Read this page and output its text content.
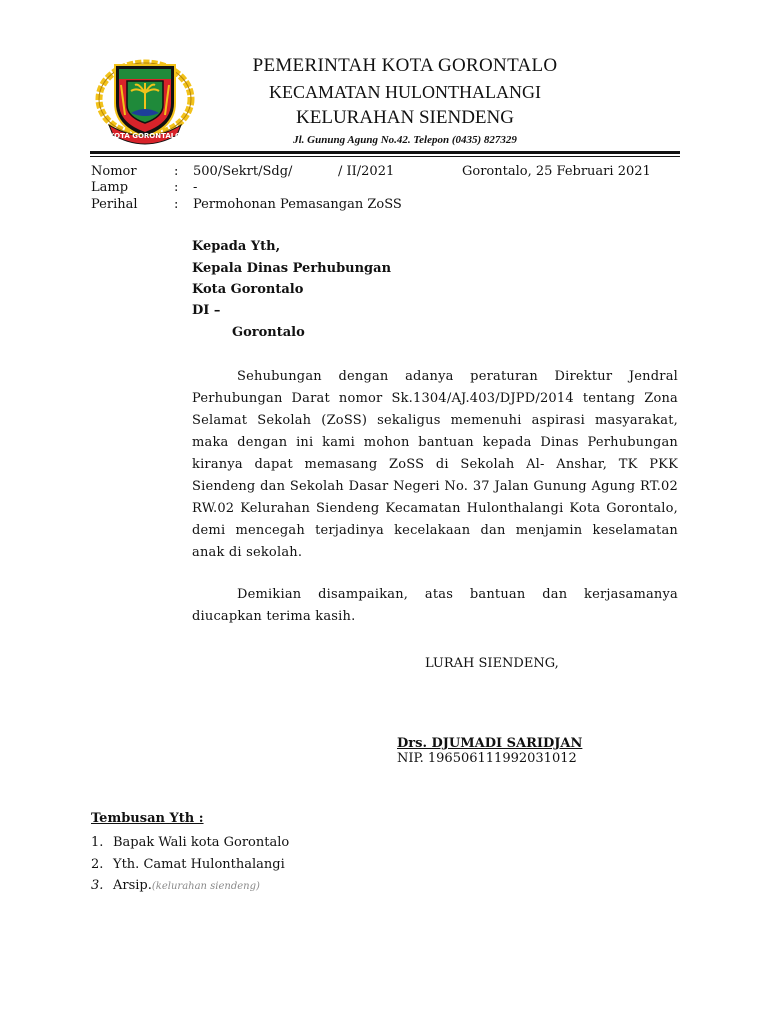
KOTA GORONTALO
PEMERINTAH KOTA GORONTALO
KECAMATAN HULONTHALANGI
KELURAHAN SIENDENG
Jl. Gunung Agung No.42. Telepon (0435) 827329
Nomor	: 500/Sekrt/Sdg/	/ II/2021	Gorontalo, 25 Februari 2021
Lamp	: -
Perihal	: Permohonan Pemasangan ZoSS
Kepada Yth,
Kepala Dinas Perhubungan
Kota Gorontalo
DI –
Gorontalo
Sehubungan dengan adanya peraturan Direktur Jendral Perhubungan Darat nomor Sk.1304/AJ.403/DJPD/2014 tentang Zona Selamat Sekolah (ZoSS) sekaligus memenuhi aspirasi masyarakat, maka dengan ini kami mohon bantuan kepada Dinas Perhubungan kiranya dapat memasang ZoSS di Sekolah Al- Anshar, TK PKK Siendeng dan Sekolah Dasar Negeri No. 37 Jalan Gunung Agung RT.02 RW.02 Kelurahan Siendeng Kecamatan Hulonthalangi Kota Gorontalo, demi mencegah terjadinya kecelakaan dan menjamin keselamatan anak di sekolah.
Demikian disampaikan, atas bantuan dan kerjasamanya diucapkan terima kasih.
LURAH SIENDENG,
Drs. DJUMADI SARIDJAN
NIP. 196506111992031012
Tembusan Yth :
1. Bapak Wali kota Gorontalo
2. Yth. Camat Hulonthalangi
3. Arsip.(kelurahan siendeng)
